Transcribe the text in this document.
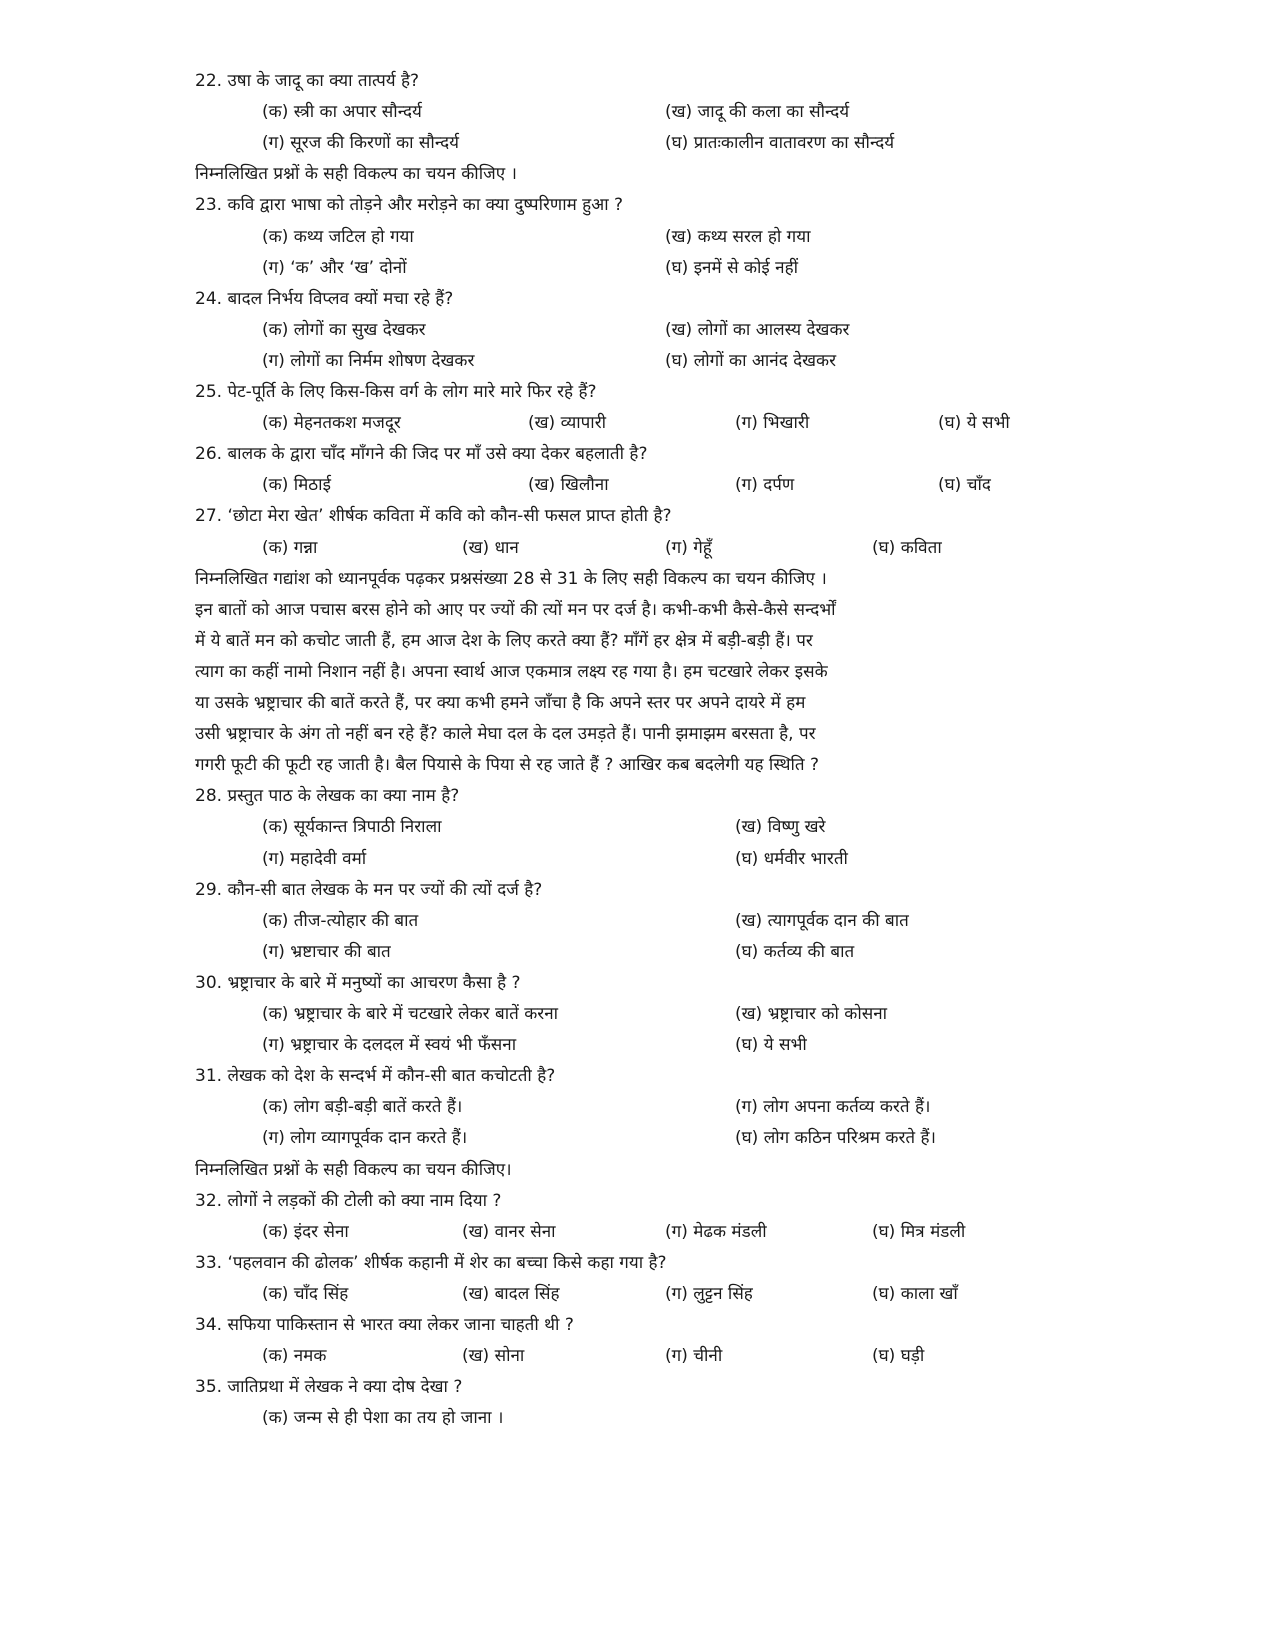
22. उषा के जादू का क्या तात्पर्य है?
(क) स्त्री का अपार सौन्दर्य	(ख) जादू की कला का सौन्दर्य
(ग) सूरज की किरणों का सौन्दर्य	(घ) प्रातःकालीन वातावरण का सौन्दर्य
निम्नलिखित प्रश्नों के सही विकल्प का चयन कीजिए ।
23. कवि द्वारा भाषा को तोड़ने और मरोड़ने का क्या दुष्परिणाम हुआ ?
(क) कथ्य जटिल हो गया	(ख) कथ्य सरल हो गया
(ग) ‘क’ और ‘ख’ दोनों	(घ) इनमें से कोई नहीं
24. बादल निर्भय विप्लव क्यों मचा रहे हैं?
(क) लोगों का सुख देखकर	(ख) लोगों का आलस्य देखकर
(ग) लोगों का निर्मम शोषण देखकर	(घ) लोगों का आनंद देखकर
25. पेट-पूर्ति के लिए किस-किस वर्ग के लोग मारे मारे फिर रहे हैं?
(क) मेहनतकश मजदूर	(ख) व्यापारी	(ग) भिखारी	(घ) ये सभी
26. बालक के द्वारा चाँद माँगने की जिद पर माँ उसे क्या देकर बहलाती है?
(क) मिठाई	(ख) खिलौना	(ग) दर्पण	(घ) चाँद
27. ‘छोटा मेरा खेत’ शीर्षक कविता में कवि को कौन-सी फसल प्राप्त होती है?
(क) गन्ना	(ख) धान	(ग) गेहूँ	(घ) कविता
निम्नलिखित गद्यांश को ध्यानपूर्वक पढ़कर प्रश्नसंख्या 28 से 31 के लिए सही विकल्प का चयन कीजिए ।
इन बातों को आज पचास बरस होने को आए पर ज्यों की त्यों मन पर दर्ज है। कभी-कभी कैसे-कैसे सन्दर्भों
में ये बातें मन को कचोट जाती हैं, हम आज देश के लिए करते क्या हैं? माँगें हर क्षेत्र में बड़ी-बड़ी हैं। पर
त्याग का कहीं नामो निशान नहीं है। अपना स्वार्थ आज एकमात्र लक्ष्य रह गया है। हम चटखारे लेकर इसके
या उसके भ्रष्ट्राचार की बातें करते हैं, पर क्या कभी हमने जाँचा है कि अपने स्तर पर अपने दायरे में हम
उसी भ्रष्ट्राचार के अंग तो नहीं बन रहे हैं? काले मेघा दल के दल उमड़ते हैं। पानी झमाझम बरसता है, पर
गगरी फूटी की फूटी रह जाती है। बैल पियासे के पिया से रह जाते हैं ? आखिर कब बदलेगी यह स्थिति ?
28. प्रस्तुत पाठ के लेखक का क्या नाम है?
(क) सूर्यकान्त त्रिपाठी निराला	(ख) विष्णु खरे
(ग) महादेवी वर्मा	(घ) धर्मवीर भारती
29. कौन-सी बात लेखक के मन पर ज्यों की त्यों दर्ज है?
(क) तीज-त्योहार की बात	(ख) त्यागपूर्वक दान की बात
(ग) भ्रष्टाचार की बात	(घ) कर्तव्य की बात
30. भ्रष्ट्राचार के बारे में मनुष्यों का आचरण कैसा है ?
(क) भ्रष्ट्राचार के बारे में चटखारे लेकर बातें करना	(ख) भ्रष्ट्राचार को कोसना
(ग) भ्रष्ट्राचार के दलदल में स्वयं भी फँसना	(घ) ये सभी
31. लेखक को देश के सन्दर्भ में कौन-सी बात कचोटती है?
(क) लोग बड़ी-बड़ी बातें करते हैं।	(ग) लोग अपना कर्तव्य करते हैं।
(ग) लोग व्यागपूर्वक दान करते हैं।	(घ) लोग कठिन परिश्रम करते हैं।
निम्नलिखित प्रश्नों के सही विकल्प का चयन कीजिए।
32. लोगों ने लड़कों की टोली को क्या नाम दिया ?
(क) इंदर सेना	(ख) वानर सेना	(ग) मेढक मंडली	(घ) मित्र मंडली
33. ‘पहलवान की ढोलक’ शीर्षक कहानी में शेर का बच्चा किसे कहा गया है?
(क) चाँद सिंह	(ख) बादल सिंह	(ग) लुट्टन सिंह	(घ) काला खाँ
34. सफिया पाकिस्तान से भारत क्या लेकर जाना चाहती थी ?
(क) नमक	(ख) सोना	(ग) चीनी	(घ) घड़ी
35. जातिप्रथा में लेखक ने क्या दोष देखा ?
(क) जन्म से ही पेशा का तय हो जाना ।
